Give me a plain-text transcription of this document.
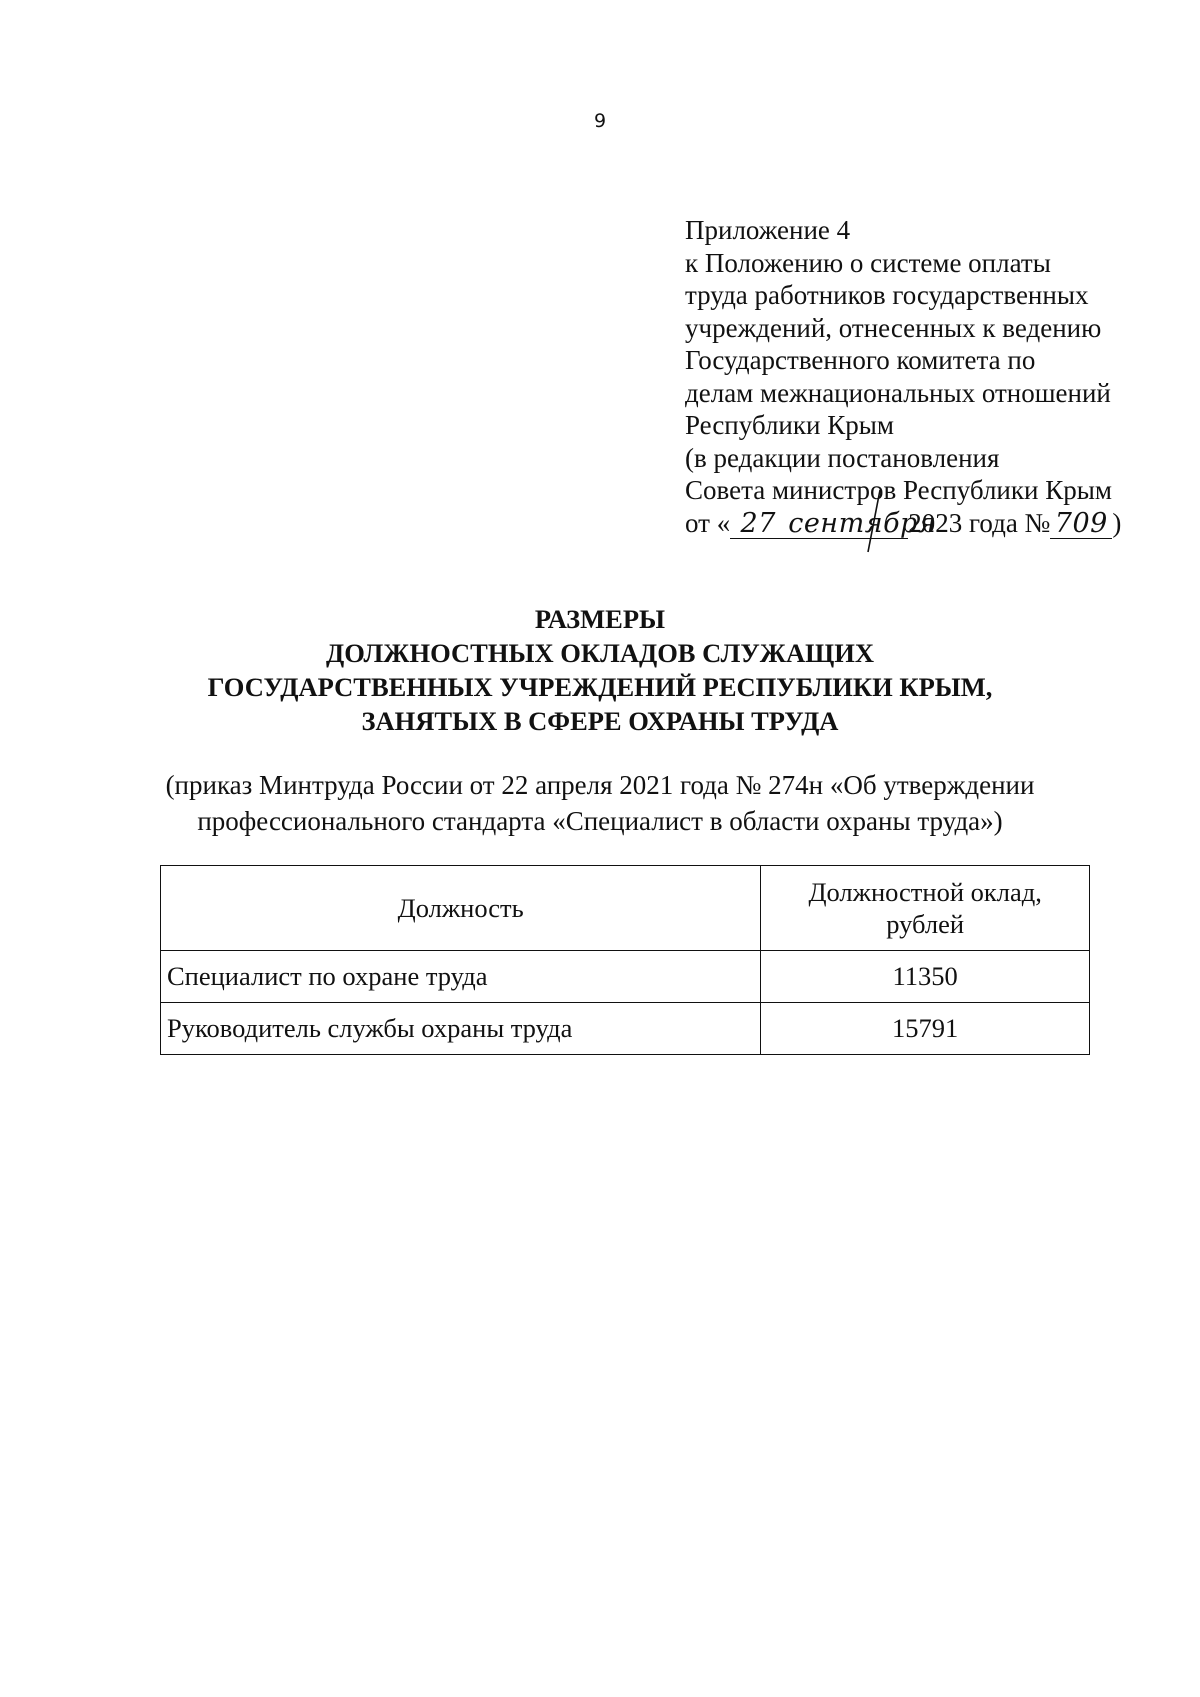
9
Приложение 4
к Положению о системе оплаты
труда работников государственных
учреждений, отнесенных к ведению
Государственного комитета по
делам межнациональных отношений
Республики Крым
(в редакции постановления
Совета министров Республики Крым
от « 27 сентября2023 года № 709 )
РАЗМЕРЫ
ДОЛЖНОСТНЫХ ОКЛАДОВ СЛУЖАЩИХ
ГОСУДАРСТВЕННЫХ УЧРЕЖДЕНИЙ РЕСПУБЛИКИ КРЫМ,
ЗАНЯТЫХ В СФЕРЕ ОХРАНЫ ТРУДА
(приказ Минтруда России от 22 апреля 2021 года № 274н «Об утверждении
профессионального стандарта «Специалист в области охраны труда»)
Должность	Должностной оклад,
рублей
Специалист по охране труда	11350
Руководитель службы охраны труда	15791
